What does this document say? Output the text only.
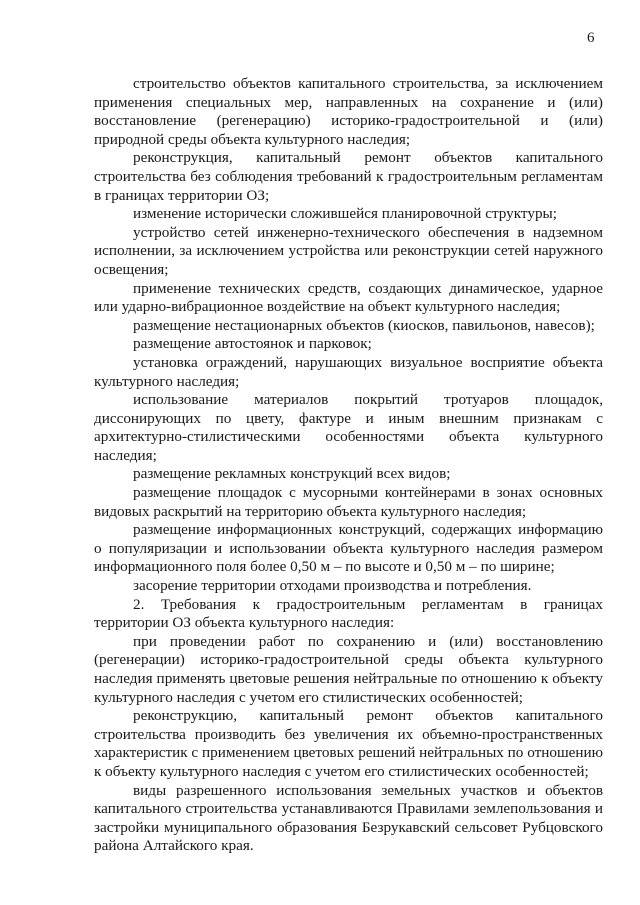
6

строительство объектов капитального строительства, за исключением применения специальных мер, направленных на сохранение и (или) восстановление (регенерацию) историко-градостроительной и (или) природной среды объекта культурного наследия;

реконструкция, капитальный ремонт объектов капитального строительства без соблюдения требований к градостроительным регламентам в границах территории ОЗ;

изменение исторически сложившейся планировочной структуры;

устройство сетей инженерно-технического обеспечения в надземном исполнении, за исключением устройства или реконструкции сетей наружного освещения;

применение технических средств, создающих динамическое, ударное или ударно-вибрационное воздействие на объект культурного наследия;

размещение нестационарных объектов (киосков, павильонов, навесов);

размещение автостоянок и парковок;

установка ограждений, нарушающих визуальное восприятие объекта культурного наследия;

использование материалов покрытий тротуаров площадок, диссонирующих по цвету, фактуре и иным внешним признакам с архитектурно-стилистическими особенностями объекта культурного наследия;

размещение рекламных конструкций всех видов;

размещение площадок с мусорными контейнерами в зонах основных видовых раскрытий на территорию объекта культурного наследия;

размещение информационных конструкций, содержащих информацию о популяризации и использовании объекта культурного наследия размером информационного поля более 0,50 м – по высоте и 0,50 м – по ширине;

засорение территории отходами производства и потребления.

2. Требования к градостроительным регламентам в границах территории ОЗ объекта культурного наследия:

при проведении работ по сохранению и (или) восстановлению (регенерации) историко-градостроительной среды объекта культурного наследия применять цветовые решения нейтральные по отношению к объекту культурного наследия с учетом его стилистических особенностей;

реконструкцию, капитальный ремонт объектов капитального строительства производить без увеличения их объемно-пространственных характеристик с применением цветовых решений нейтральных по отношению к объекту культурного наследия с учетом его стилистических особенностей;

виды разрешенного использования земельных участков и объектов капитального строительства устанавливаются Правилами землепользования и застройки муниципального образования Безрукавский сельсовет Рубцовского района Алтайского края.
